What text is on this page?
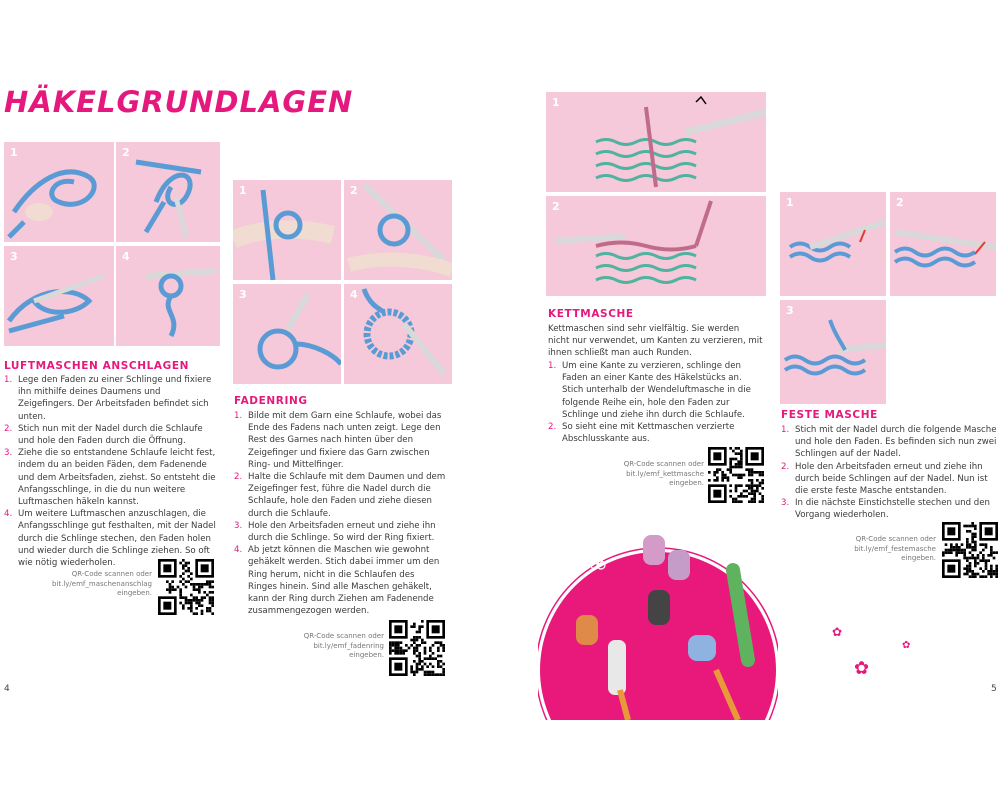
HÄKELGRUNDLAGEN
1	2
3	4
1	2
3	4
LUFTMASCHEN ANSCHLAGEN
1. Lege den Faden zu einer Schlinge und fixiere ihn mithilfe deines Daumens und Zeigefingers. Der Arbeitsfaden befindet sich unten.
2. Stich nun mit der Nadel durch die Schlaufe und hole den Faden durch die Öffnung.
3. Ziehe die so entstandene Schlaufe leicht fest, indem du an beiden Fäden, dem Fadenende und dem Arbeitsfaden, ziehst. So entsteht die Anfangsschlinge, in die du nun weitere Luftmaschen häkeln kannst.
4. Um weitere Luftmaschen anzuschlagen, die Anfangsschlinge gut festhalten, mit der Nadel durch die Schlinge stechen, den Faden holen und wieder durch die Schlinge ziehen. So oft wie nötig wiederholen.
QR-Code scannen oder
bit.ly/emf_maschenanschlag
eingeben.
FADENRING
1. Bilde mit dem Garn eine Schlaufe, wobei das Ende des Fadens nach unten zeigt. Lege den Rest des Garnes nach hinten über den Zeigefinger und fixiere das Garn zwischen Ring- und Mittelfinger.
2. Halte die Schlaufe mit dem Daumen und dem Zeigefinger fest, führe die Nadel durch die Schlaufe, hole den Faden und ziehe diesen durch die Schlaufe.
3. Hole den Arbeitsfaden erneut und ziehe ihn durch die Schlinge. So wird der Ring fixiert.
4. Ab jetzt können die Maschen wie gewohnt gehäkelt werden. Stich dabei immer um den Ring herum, nicht in die Schlaufen des Ringes hinein. Sind alle Maschen gehäkelt, kann der Ring durch Ziehen am Fadenende zusammengezogen werden.
QR-Code scannen oder
bit.ly/emf_fadenring
eingeben.
4
1
2	1	2
3
KETTMASCHE
Kettmaschen sind sehr vielfältig. Sie werden nicht nur verwendet, um Kanten zu verzieren, mit ihnen schließt man auch Runden.
1. Um eine Kante zu verzieren, schlinge den Faden an einer Kante des Häkelstücks an. Stich unterhalb der Wendeluftmasche in die folgende Reihe ein, hole den Faden zur Schlinge und ziehe ihn durch die Schlaufe.
2. So sieht eine mit Kettmaschen verzierte Abschlusskante aus.
QR-Code scannen oder
bit.ly/emf_kettmasche
eingeben.
FESTE MASCHE
1. Stich mit der Nadel durch die folgende Masche und hole den Faden. Es befinden sich nun zwei Schlingen auf der Nadel.
2. Hole den Arbeitsfaden erneut und ziehe ihn durch beide Schlingen auf der Nadel. Nun ist die erste feste Masche entstanden.
3. In die nächste Einstichstelle stechen und den Vorgang wiederholen.
QR-Code scannen oder
bit.ly/emf_festemasche
eingeben.
✿
✿
✿
5
